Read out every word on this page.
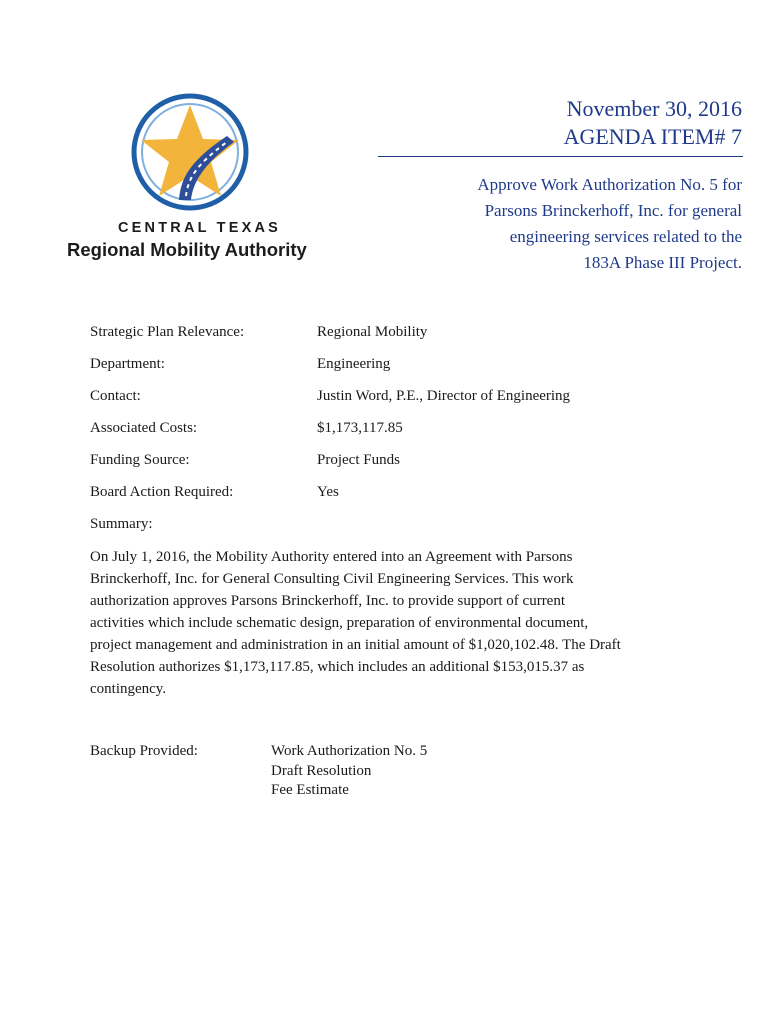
CENTRAL TEXAS
Regional Mobility Authority
November 30, 2016
AGENDA ITEM# 7
Approve Work Authorization No. 5 for
Parsons Brinckerhoff, Inc. for general
engineering services related to the
183A Phase III Project.
Strategic Plan Relevance:	Regional Mobility
Department:	Engineering
Contact:	Justin Word, P.E., Director of Engineering
Associated Costs:	$1,173,117.85
Funding Source:	Project Funds
Board Action Required:	Yes
Summary:
On July 1, 2016, the Mobility Authority entered into an Agreement with Parsons
Brinckerhoff, Inc. for General Consulting Civil Engineering Services. This work
authorization approves Parsons Brinckerhoff, Inc. to provide support of current
activities which include schematic design, preparation of environmental document,
project management and administration in an initial amount of $1,020,102.48. The Draft
Resolution authorizes $1,173,117.85, which includes an additional $153,015.37 as
contingency.
Backup Provided:	Work Authorization No. 5
Draft Resolution
Fee Estimate
